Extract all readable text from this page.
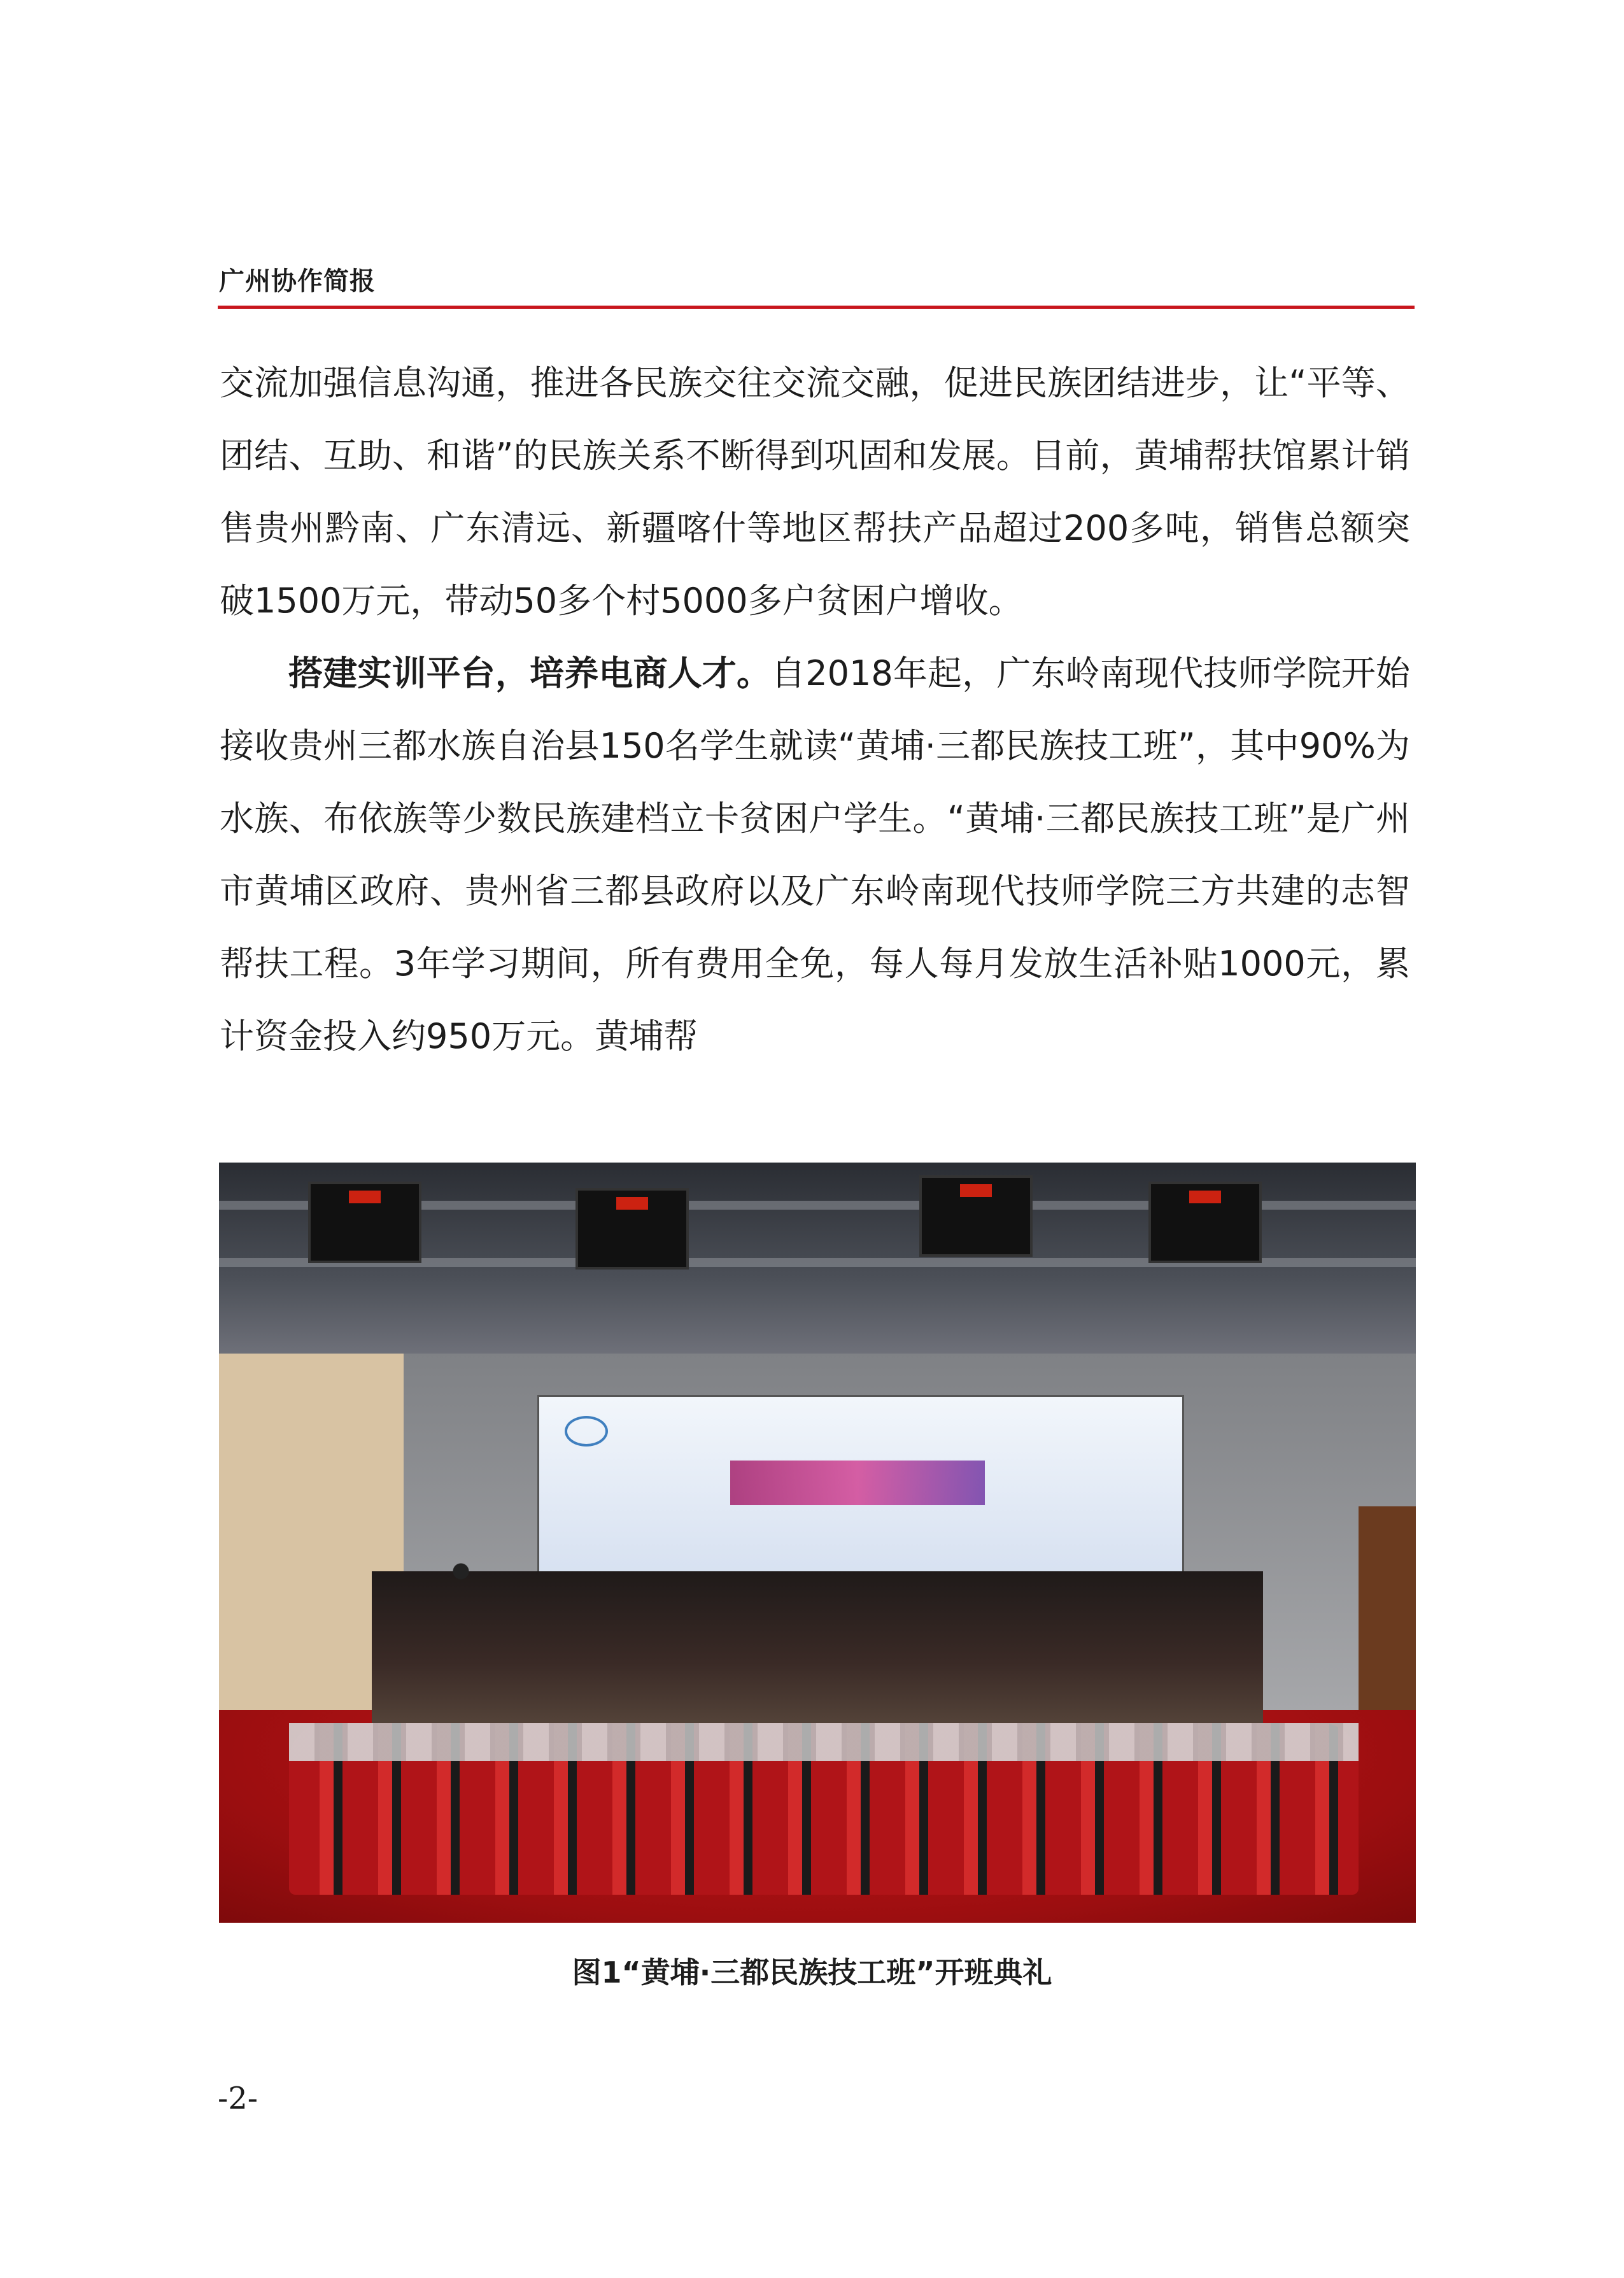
广州协作简报

交流加强信息沟通，推进各民族交往交流交融，促进民族团结进步，让“平等、团结、互助、和谐”的民族关系不断得到巩固和发展。目前，黄埔帮扶馆累计销售贵州黔南、广东清远、新疆喀什等地区帮扶产品超过200多吨，销售总额突破1500万元，带动50多个村5000多户贫困户增收。

搭建实训平台，培养电商人才。自2018年起，广东岭南现代技师学院开始接收贵州三都水族自治县150名学生就读“黄埔·三都民族技工班”，其中90%为水族、布依族等少数民族建档立卡贫困户学生。“黄埔·三都民族技工班”是广州市黄埔区政府、贵州省三都县政府以及广东岭南现代技师学院三方共建的志智帮扶工程。3年学习期间，所有费用全免，每人每月发放生活补贴1000元，累计资金投入约950万元。黄埔帮

图1“黄埔·三都民族技工班”开班典礼
-2-
